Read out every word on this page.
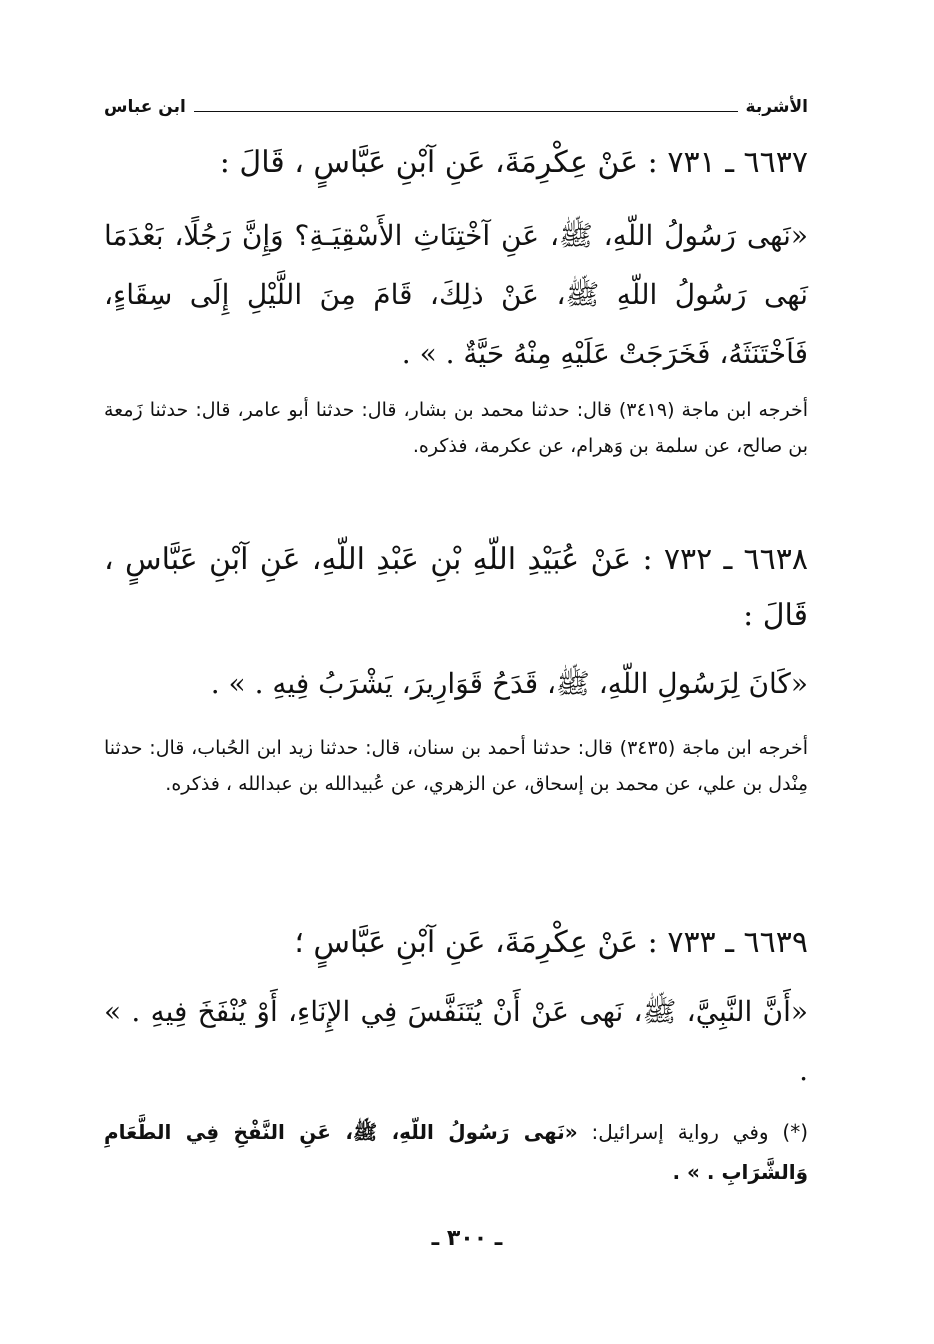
الأشربة
ابن عباس
٦٦٣٧ ـ ٧٣١ : عَنْ عِكْرِمَةَ، عَنِ آبْنِ عَبَّاسٍ ، قَالَ :
«نَهى رَسُولُ اللّهِ، ﷺ، عَنِ آخْتِنَاثِ الأَسْقِيَـةِ؟ وَإِنَّ رَجُلًا، بَعْدَمَا نَهى رَسُولُ اللّهِ ﷺ، عَنْ ذلِكَ، قَامَ مِنَ اللَّيْلِ إِلَى سِقَاءٍ، فَاَخْتَنَثَهُ، فَخَرَجَتْ عَلَيْهِ مِنْهُ حَيَّةٌ . » .
أخرجه ابن ماجة (٣٤١٩) قال: حدثنا محمد بن بشار، قال: حدثنا أبو عامر، قال: حدثنا زَمعة بن صالح، عن سلمة بن وَهرام، عن عكرمة، فذكره.
٦٦٣٨ ـ ٧٣٢ : عَنْ عُبَيْدِ اللّهِ بْنِ عَبْدِ اللّهِ، عَنِ آبْنِ عَبَّاسٍ ، قَالَ :
«كَانَ لِرَسُولِ اللّهِ، ﷺ، قَدَحُ قَوَارِيرَ، يَشْرَبُ فِيهِ . » .
أخرجه ابن ماجة (٣٤٣٥) قال: حدثنا أحمد بن سنان، قال: حدثنا زيد ابن الحُباب، قال: حدثنا مِنْدل بن علي، عن محمد بن إسحاق، عن الزهري، عن عُبيدالله بن عبدالله ، فذكره.
٦٦٣٩ ـ ٧٣٣ : عَنْ عِكْرِمَةَ، عَنِ آبْنِ عَبَّاسٍ ؛
«أَنَّ النَّبِيَّ، ﷺ، نَهى عَنْ أَنْ يُتَنَفَّسَ فِي الإِنَاءِ، أَوْ يُنْفَخَ فِيهِ . » .
(*) وفي رواية إسرائيل: «نَهى رَسُولُ اللّهِ، ﷺ، عَنِ النَّفْخِ فِي الطَّعَامِ وَالشَّرَابِ . » .
ـ ٣٠٠ ـ
